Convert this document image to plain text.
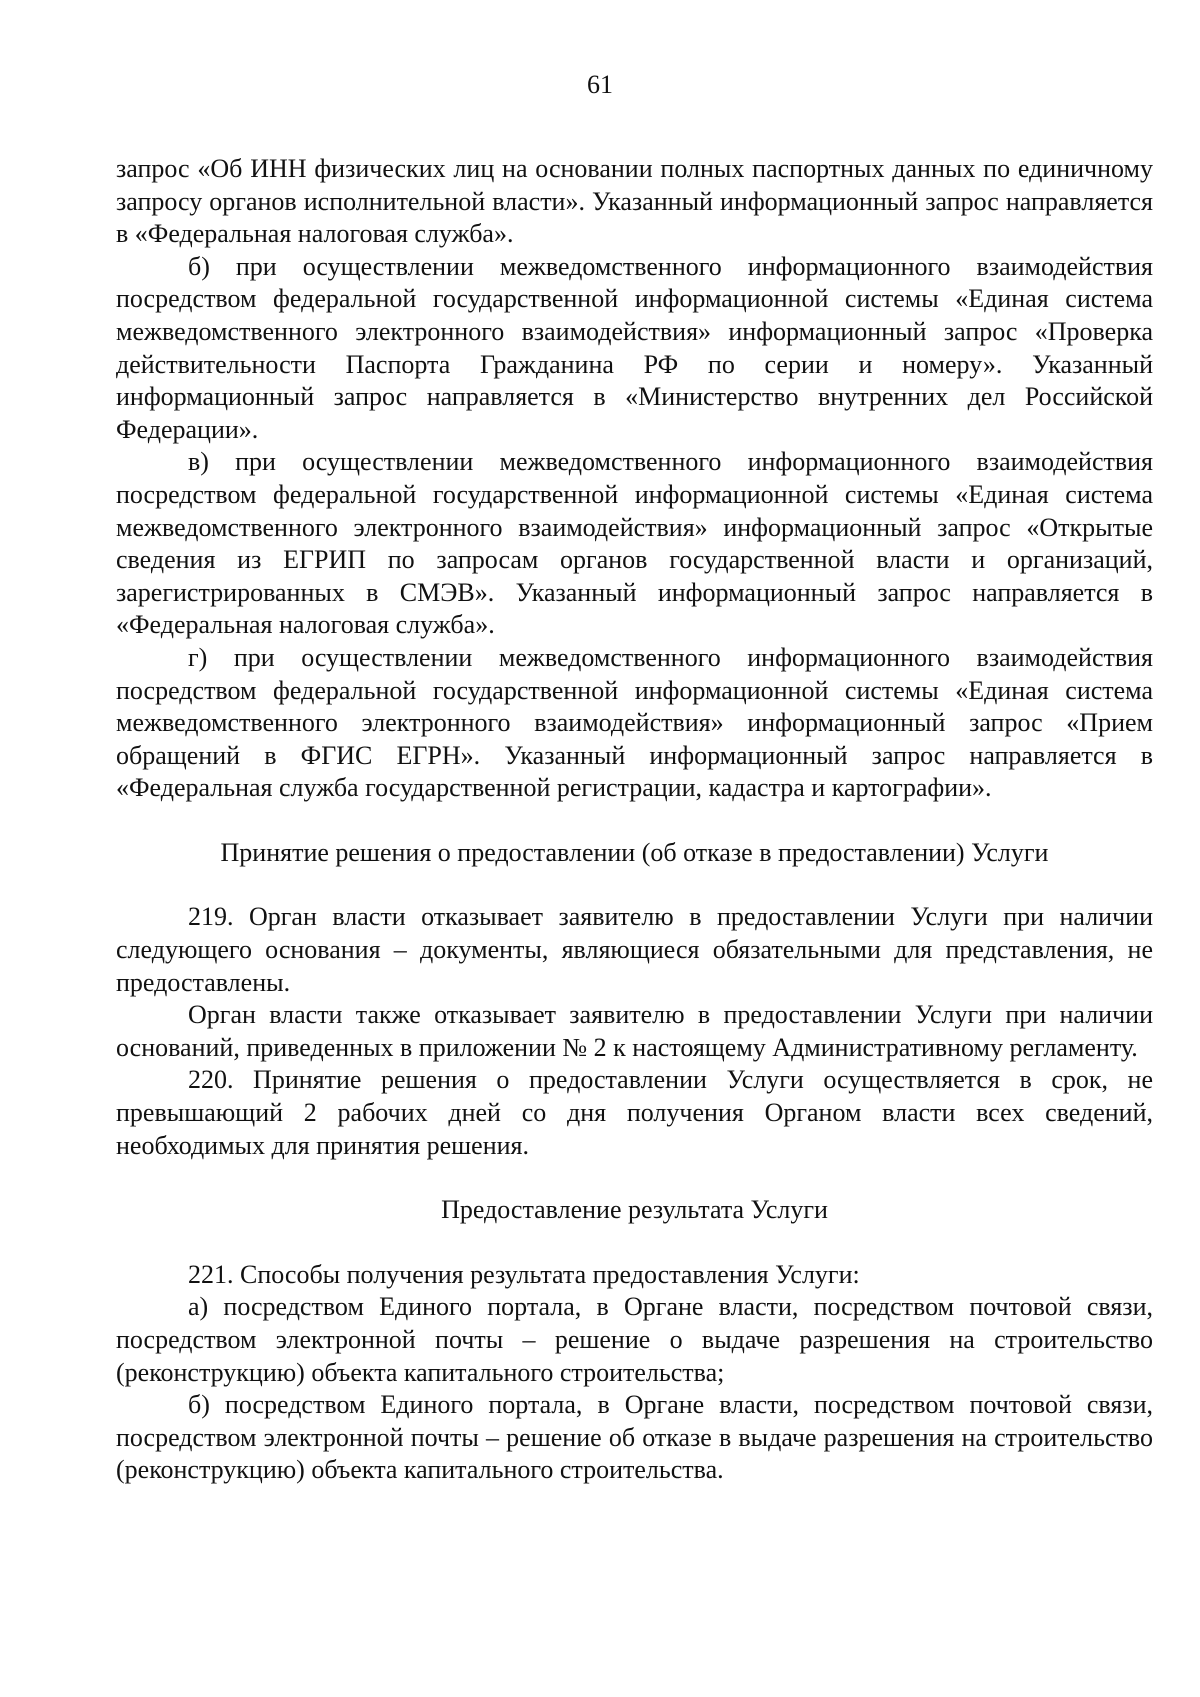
61

запрос «Об ИНН физических лиц на основании полных паспортных данных по единичному запросу органов исполнительной власти». Указанный информационный запрос направляется в «Федеральная налоговая служба».

б) при осуществлении межведомственного информационного взаимодействия посредством федеральной государственной информационной системы «Единая система межведомственного электронного взаимодействия» информационный запрос «Проверка действительности Паспорта Гражданина РФ по серии и номеру». Указанный информационный запрос направляется в «Министерство внутренних дел Российской Федерации».

в) при осуществлении межведомственного информационного взаимодействия посредством федеральной государственной информационной системы «Единая система межведомственного электронного взаимодействия» информационный запрос «Открытые сведения из ЕГРИП по запросам органов государственной власти и организаций, зарегистрированных в СМЭВ». Указанный информационный запрос направляется в «Федеральная налоговая служба».

г) при осуществлении межведомственного информационного взаимодействия посредством федеральной государственной информационной системы «Единая система межведомственного электронного взаимодействия» информационный запрос «Прием обращений в ФГИС ЕГРН». Указанный информационный запрос направляется в «Федеральная служба государственной регистрации, кадастра и картографии».

Принятие решения о предоставлении (об отказе в предоставлении) Услуги

219. Орган власти отказывает заявителю в предоставлении Услуги при наличии следующего основания – документы, являющиеся обязательными для представления, не предоставлены.

Орган власти также отказывает заявителю в предоставлении Услуги при наличии оснований, приведенных в приложении № 2 к настоящему Административному регламенту.

220. Принятие решения о предоставлении Услуги осуществляется в срок, не превышающий 2 рабочих дней со дня получения Органом власти всех сведений, необходимых для принятия решения.

Предоставление результата Услуги

221. Способы получения результата предоставления Услуги:

а) посредством Единого портала, в Органе власти, посредством почтовой связи, посредством электронной почты – решение о выдаче разрешения на строительство (реконструкцию) объекта капитального строительства;

б) посредством Единого портала, в Органе власти, посредством почтовой связи, посредством электронной почты – решение об отказе в выдаче разрешения на строительство (реконструкцию) объекта капитального строительства.
